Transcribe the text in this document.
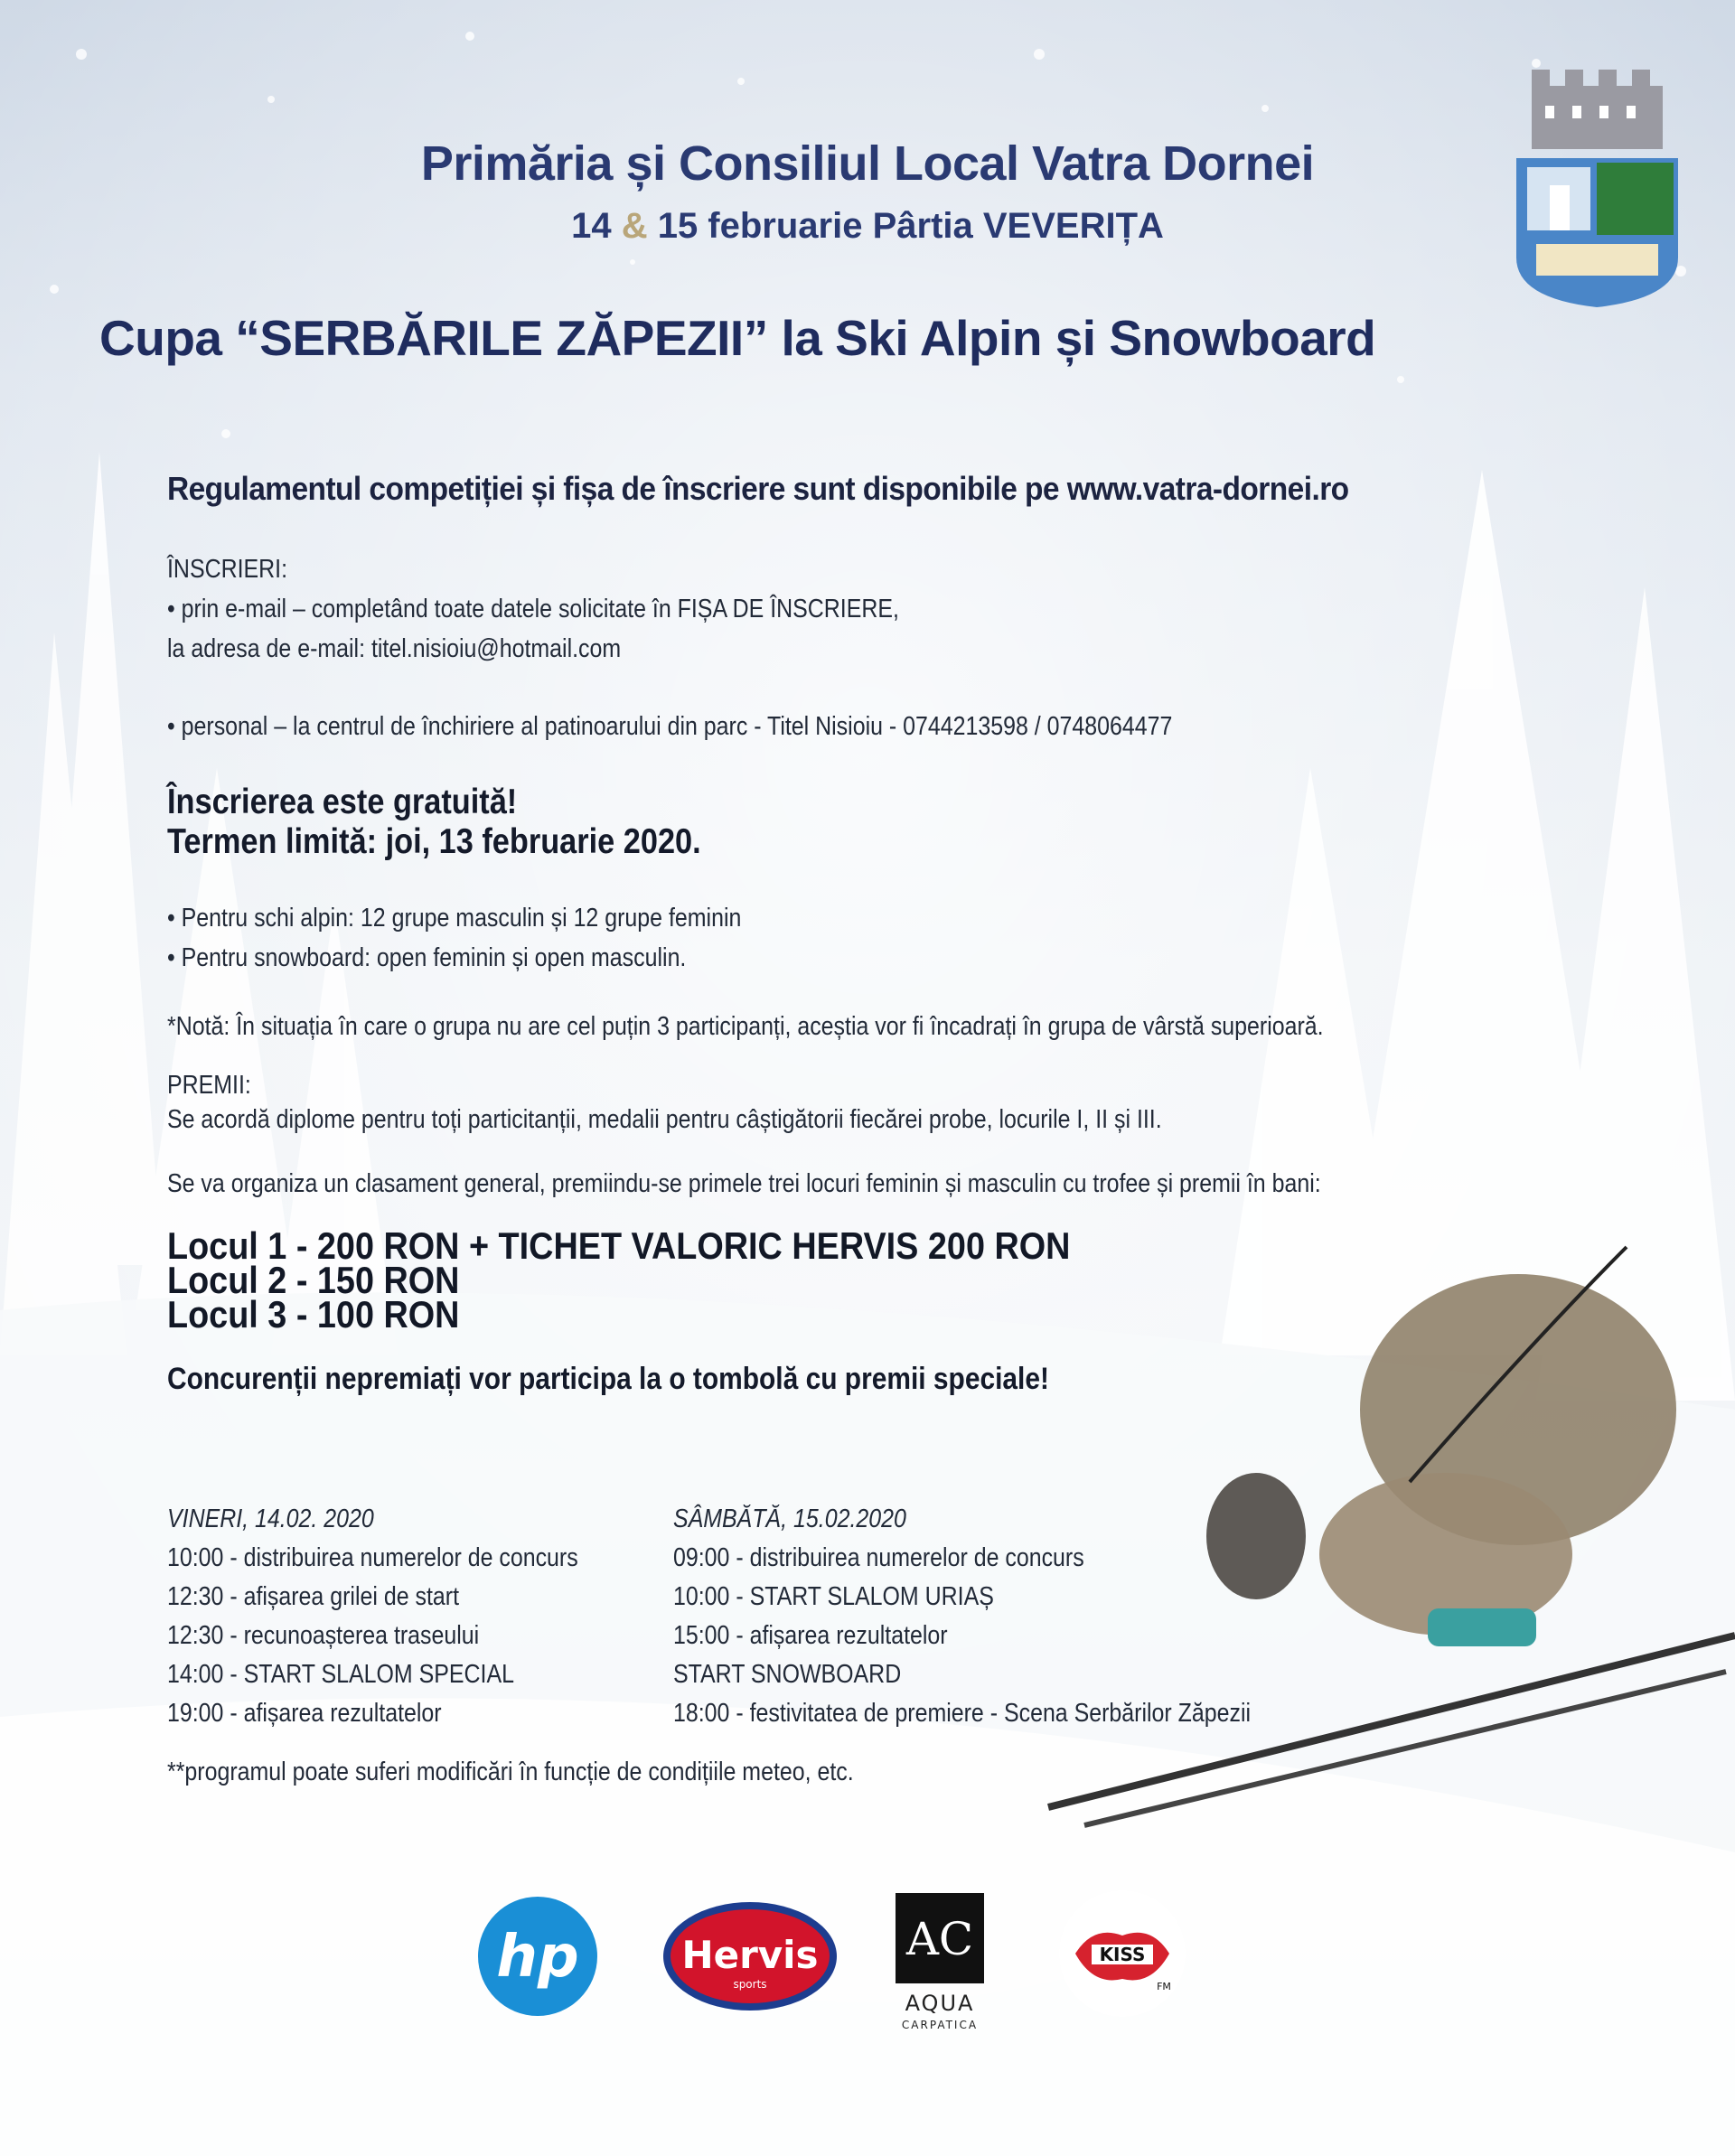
Primăria și Consiliul Local Vatra Dornei
14 & 15 februarie Pârtia VEVERIȚA
Cupa “SERBĂRILE ZĂPEZII” la Ski Alpin și Snowboard
Regulamentul competiției și fișa de înscriere sunt disponibile pe www.vatra-dornei.ro
ÎNSCRIERI:
• prin e-mail – completând toate datele solicitate în FIȘA DE ÎNSCRIERE,
la adresa de e-mail: titel.nisioiu@hotmail.com
• personal – la centrul de închiriere al patinoarului din parc - Titel Nisioiu - 0744213598 / 0748064477
Înscrierea este gratuită!
Termen limită: joi, 13 februarie 2020.
• Pentru schi alpin: 12 grupe masculin și 12 grupe feminin
• Pentru snowboard: open feminin și open masculin.
*Notă: În situația în care o grupa nu are cel puțin 3 participanți, aceștia vor fi încadrați în grupa de vârstă superioară.
PREMII:
Se acordă diplome pentru toți particitanții, medalii pentru câștigătorii fiecărei probe, locurile I, II și III.
Se va organiza un clasament general, premiindu-se primele trei locuri feminin și masculin cu trofee și premii în bani:
Locul 1 - 200 RON + TICHET VALORIC HERVIS 200 RON
Locul 2 - 150 RON
Locul 3 - 100 RON
Concurenții nepremiați vor participa la o tombolă cu premii speciale!
VINERI, 14.02. 2020
10:00 - distribuirea numerelor de concurs
12:30 - afișarea grilei de start
12:30 - recunoașterea traseului
14:00 - START SLALOM SPECIAL
19:00 - afișarea rezultatelor
SÂMBĂTĂ, 15.02.2020
09:00 - distribuirea numerelor de concurs
10:00 - START SLALOM URIAȘ
15:00 - afișarea rezultatelor
START SNOWBOARD
18:00 - festivitatea de premiere - Scena Serbărilor Zăpezii
**programul poate suferi modificări în funcție de condițiile meteo, etc.
hp	Hervis
sports
AC
AQUA
CARPATICA
KISS
FM
